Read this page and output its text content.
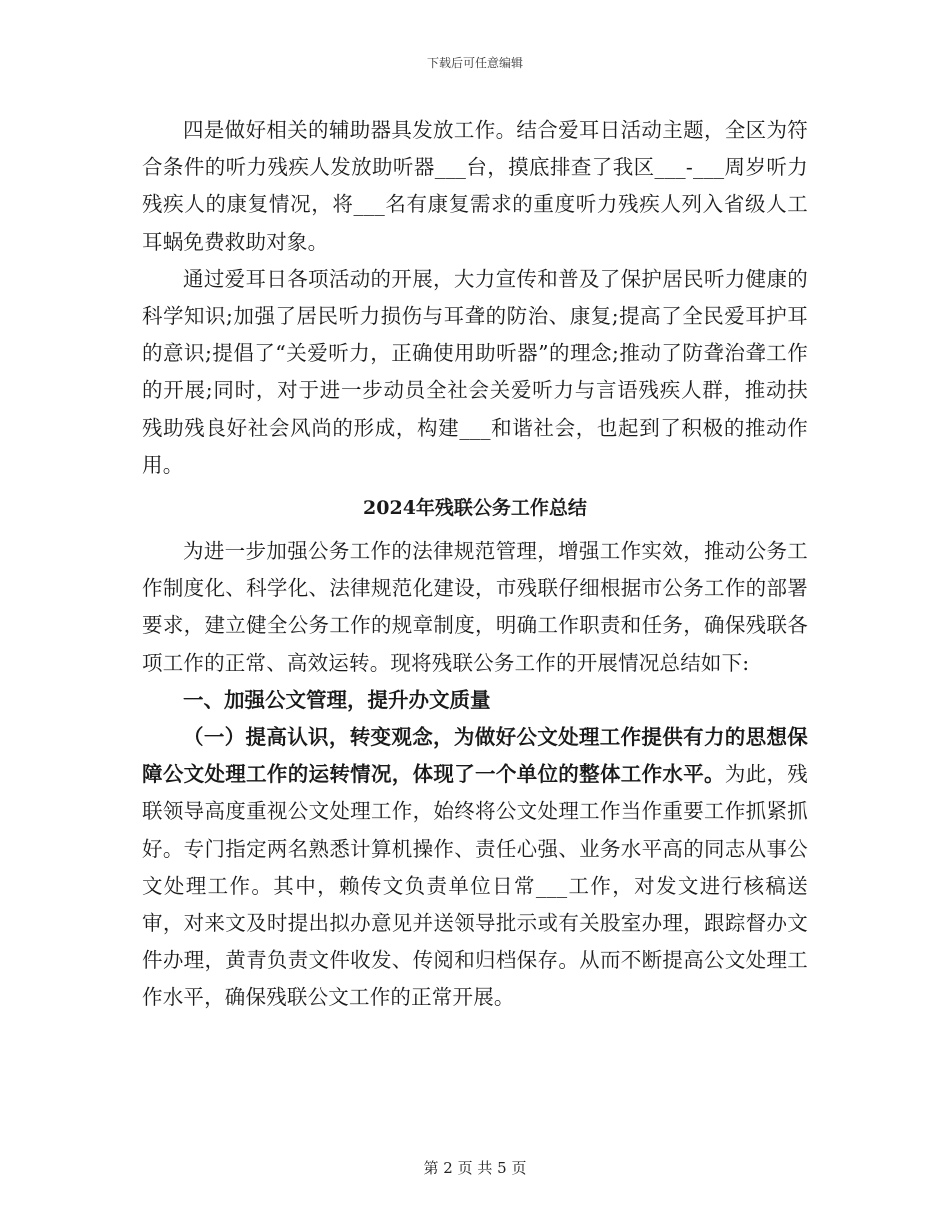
下载后可任意编辑

四是做好相关的辅助器具发放工作。结合爱耳日活动主题，全区为符合条件的听力残疾人发放助听器___台，摸底排查了我区___-___周岁听力残疾人的康复情况，将___名有康复需求的重度听力残疾人列入省级人工耳蜗免费救助对象。

通过爱耳日各项活动的开展，大力宣传和普及了保护居民听力健康的科学知识;加强了居民听力损伤与耳聋的防治、康复;提高了全民爱耳护耳的意识;提倡了“关爱听力，正确使用助听器”的理念;推动了防聋治聋工作的开展;同时，对于进一步动员全社会关爱听力与言语残疾人群，推动扶残助残良好社会风尚的形成，构建___和谐社会，也起到了积极的推动作用。

2024年残联公务工作总结

为进一步加强公务工作的法律规范管理，增强工作实效，推动公务工作制度化、科学化、法律规范化建设，市残联仔细根据市公务工作的部署要求，建立健全公务工作的规章制度，明确工作职责和任务，确保残联各项工作的正常、高效运转。现将残联公务工作的开展情况总结如下:

一、加强公文管理，提升办文质量

（一）提高认识，转变观念，为做好公文处理工作提供有力的思想保障公文处理工作的运转情况，体现了一个单位的整体工作水平。为此，残联领导高度重视公文处理工作，始终将公文处理工作当作重要工作抓紧抓好。专门指定两名熟悉计算机操作、责任心强、业务水平高的同志从事公文处理工作。其中，赖传文负责单位日常___工作，对发文进行核稿送审，对来文及时提出拟办意见并送领导批示或有关股室办理，跟踪督办文件办理，黄青负责文件收发、传阅和归档保存。从而不断提高公文处理工作水平，确保残联公文工作的正常开展。

第 2 页 共 5 页
